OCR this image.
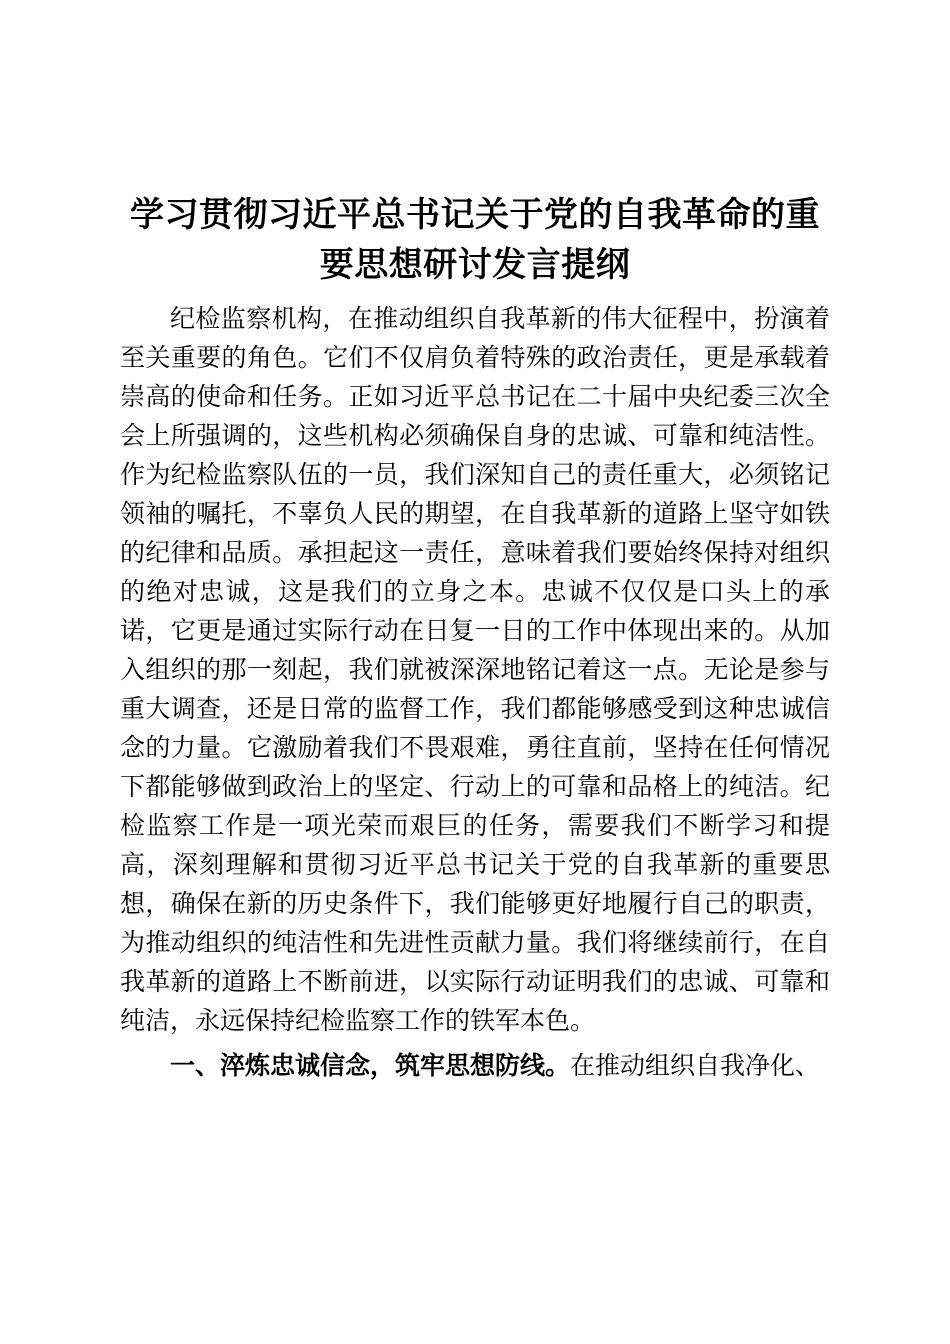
学习贯彻习近平总书记关于党的自我革命的重要思想研讨发言提纲

纪检监察机构，在推动组织自我革新的伟大征程中，扮演着至关重要的角色。它们不仅肩负着特殊的政治责任，更是承载着崇高的使命和任务。正如习近平总书记在二十届中央纪委三次全会上所强调的，这些机构必须确保自身的忠诚、可靠和纯洁性。作为纪检监察队伍的一员，我们深知自己的责任重大，必须铭记领袖的嘱托，不辜负人民的期望，在自我革新的道路上坚守如铁的纪律和品质。承担起这一责任，意味着我们要始终保持对组织的绝对忠诚，这是我们的立身之本。忠诚不仅仅是口头上的承诺，它更是通过实际行动在日复一日的工作中体现出来的。从加入组织的那一刻起，我们就被深深地铭记着这一点。无论是参与重大调查，还是日常的监督工作，我们都能够感受到这种忠诚信念的力量。它激励着我们不畏艰难，勇往直前，坚持在任何情况下都能够做到政治上的坚定、行动上的可靠和品格上的纯洁。纪检监察工作是一项光荣而艰巨的任务，需要我们不断学习和提高，深刻理解和贯彻习近平总书记关于党的自我革新的重要思想，确保在新的历史条件下，我们能够更好地履行自己的职责，为推动组织的纯洁性和先进性贡献力量。我们将继续前行，在自我革新的道路上不断前进，以实际行动证明我们的忠诚、可靠和纯洁，永远保持纪检监察工作的铁军本色。

一、淬炼忠诚信念，筑牢思想防线。在推动组织自我净化、
